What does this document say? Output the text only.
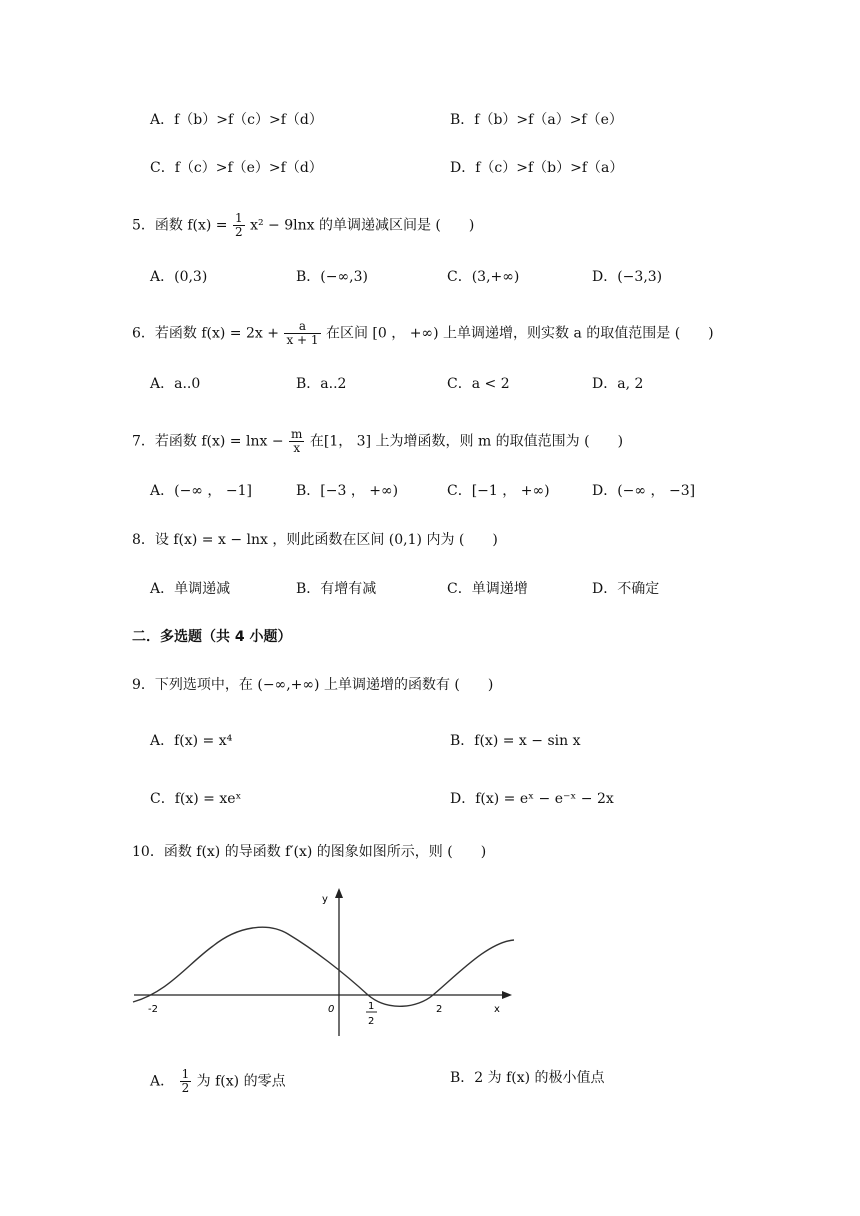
A．f（b）>f（c）>f（d）	B．f（b）>f（a）>f（e）
C．f（c）>f（e）>f（d）	D．f（c）>f（b）>f（a）
5．函数 $f(x) = \frac{1}{2} x^2 - 9\ln x$ 的单调递减区间是 (　　)
A．(0,3)	B．(−∞,3)	C．(3,+∞)	D．(−3,3)
6．若函数 $f(x) = 2x + \frac{a}{x + 1}$ 在区间 [0 ， +∞) 上单调递增，则实数 a 的取值范围是 (　　)
A．a..0	B．a..2	C．a < 2	D．a, 2
7．若函数 $f(x) = \ln x - \frac{m}{x}$ 在[1， 3] 上为增函数，则 m 的取值范围为 (　　)
A．(−∞ ， −1]	B．[−3 ， +∞)	C．[−1 ， +∞)	D．(−∞ ， −3]
8．设 f(x) = x − lnx ，则此函数在区间 (0,1) 内为 (　　)
A．单调递减	B．有增有减	C．单调递增	D．不确定
二．多选题（共 4 小题）
9．下列选项中，在 (−∞,+∞) 上单调递增的函数有 (　　)
A．f(x) = x⁴	B．f(x) = x − sin x
C．f(x) = xeˣ	D．f(x) = eˣ − e⁻ˣ − 2x
10．函数 f(x) 的导函数 f′(x) 的图象如图所示，则 (　　)
y
x
0
-2	1
2
2
A． $\frac{1}{2}$ 为 f(x) 的零点	B．2 为 f(x) 的极小值点
